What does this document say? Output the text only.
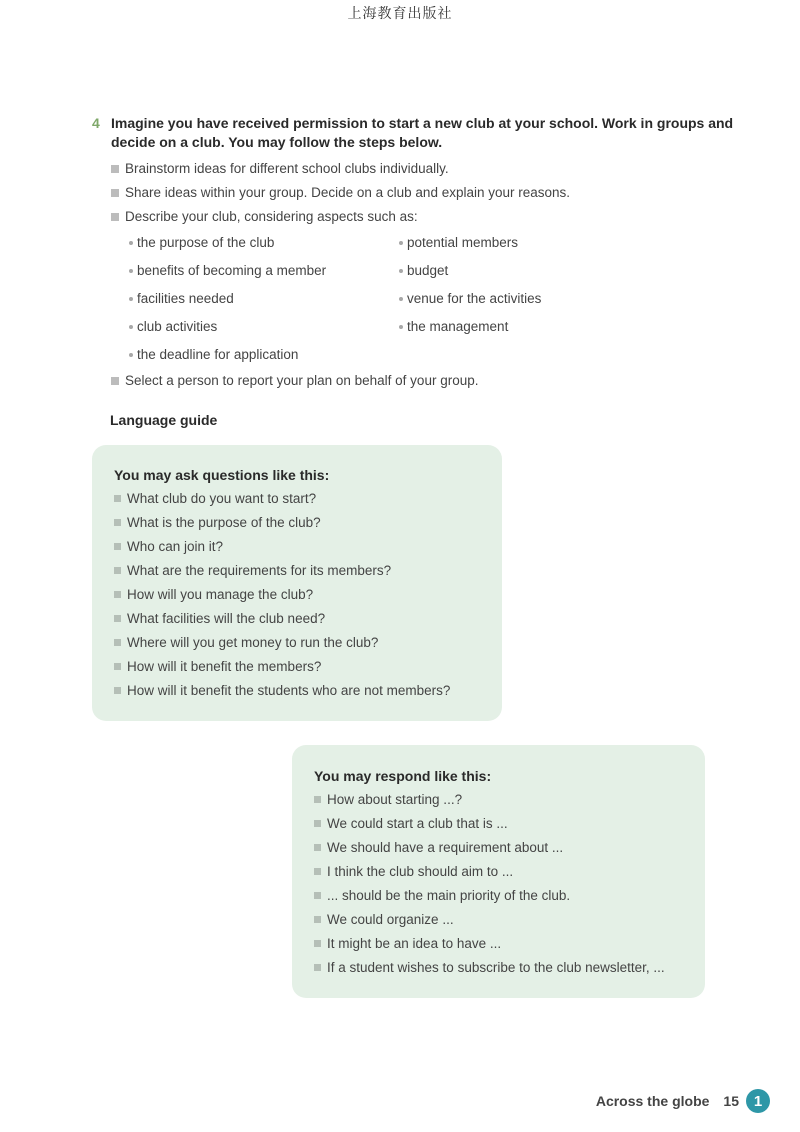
上海教育出版社
4 Imagine you have received permission to start a new club at your school. Work in groups and decide on a club. You may follow the steps below.
Brainstorm ideas for different school clubs individually.
Share ideas within your group. Decide on a club and explain your reasons.
Describe your club, considering aspects such as:
the purpose of the club	potential members
benefits of becoming a member	budget
facilities needed	venue for the activities
club activities	the management
the deadline for application
Select a person to report your plan on behalf of your group.
Language guide

You may ask questions like this:

What club do you want to start?
What is the purpose of the club?
Who can join it?
What are the requirements for its members?
How will you manage the club?
What facilities will the club need?
Where will you get money to run the club?
How will it benefit the members?
How will it benefit the students who are not members?

You may respond like this:

How about starting ...?
We could start a club that is ...
We should have a requirement about ...
I think the club should aim to ...
... should be the main priority of the club.
We could organize ...
It might be an idea to have ...
If a student wishes to subscribe to the club newsletter, ...
Across the globe 15 1
